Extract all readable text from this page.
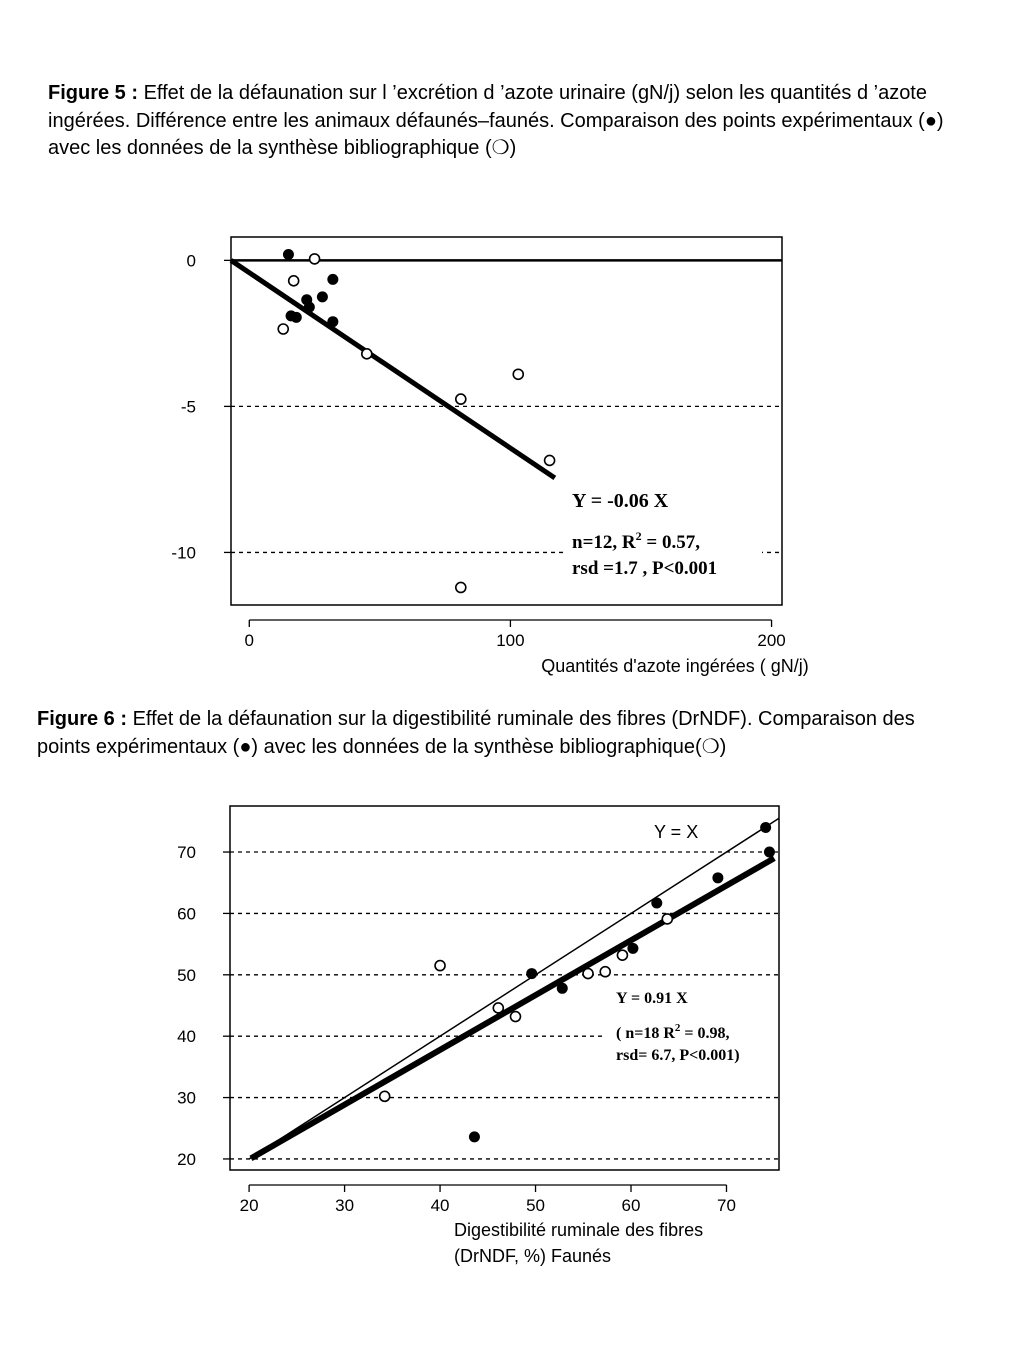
Figure 5 : Effet de la défaunation sur l ’excrétion d ’azote urinaire (gN/j) selon les quantités d ’azote ingérées. Différence entre les animaux défaunés–faunés. Comparaison des points expérimentaux (●) avec les données de la synthèse bibliographique (❍)

Figure 6 : Effet de la défaunation sur la digestibilité ruminale des fibres (DrNDF). Comparaison des points expérimentaux (●) avec les données de la synthèse bibliographique(❍)

0
-5
-10
0	100	200
Quantités d'azote ingérées ( gN/j)
Y = -0.06 X
n=12, $R^2 = 0.57$,
rsd =1.7 , P<0.001
20
30
40
50
60
70
20	30	40	50	60	70
Digestibilité ruminale des fibres
(DrNDF, %) Faunés
Y = X
Y = 0.91 X
( n=18 $R^2 = 0.98$,
rsd= 6.7, P<0.001)
